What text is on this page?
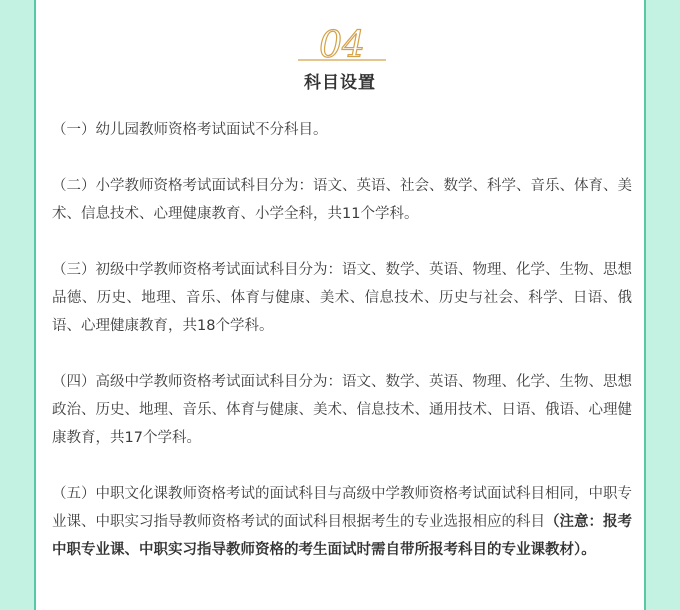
04
科目设置

（一）幼儿园教师资格考试面试不分科目。

（二）小学教师资格考试面试科目分为：语文、英语、社会、数学、科学、音乐、体育、美术、信息技术、心理健康教育、小学全科，共11个学科。

（三）初级中学教师资格考试面试科目分为：语文、数学、英语、物理、化学、生物、思想品德、历史、地理、音乐、体育与健康、美术、信息技术、历史与社会、科学、日语、俄语、心理健康教育，共18个学科。

（四）高级中学教师资格考试面试科目分为：语文、数学、英语、物理、化学、生物、思想政治、历史、地理、音乐、体育与健康、美术、信息技术、通用技术、日语、俄语、心理健康教育，共17个学科。

（五）中职文化课教师资格考试的面试科目与高级中学教师资格考试面试科目相同，中职专业课、中职实习指导教师资格考试的面试科目根据考生的专业选报相应的科目（注意：报考中职专业课、中职实习指导教师资格的考生面试时需自带所报考科目的专业课教材）。
